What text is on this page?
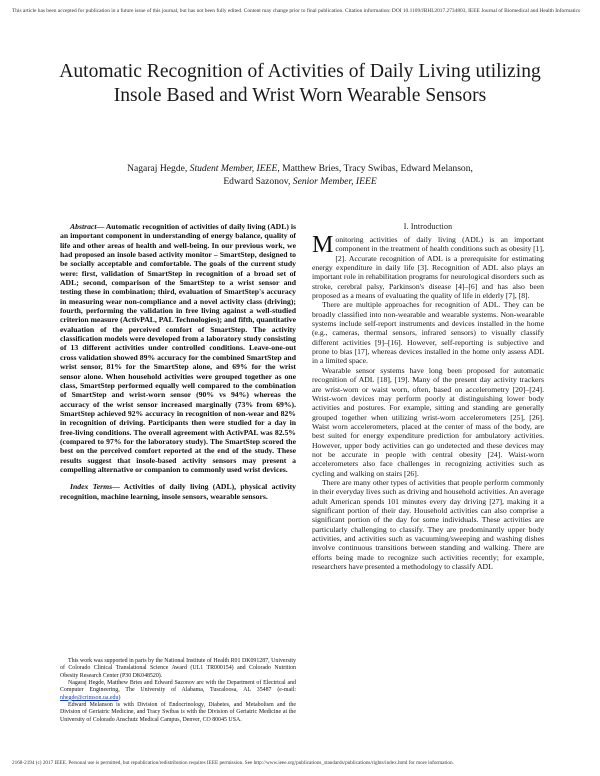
This article has been accepted for publication in a future issue of this journal, but has not been fully edited. Content may change prior to final publication. Citation information: DOI 10.1109/JBHI.2017.2734803, IEEE Journal of Biomedical and Health Informatics
Automatic Recognition of Activities of Daily Living utilizing Insole Based and Wrist Worn Wearable Sensors
Nagaraj Hegde, Student Member, IEEE, Matthew Bries, Tracy Swibas, Edward Melanson,
Edward Sazonov, Senior Member, IEEE

Abstract— Automatic recognition of activities of daily living (ADL) is an important component in understanding of energy balance, quality of life and other areas of health and well-being. In our previous work, we had proposed an insole based activity monitor – SmartStep, designed to be socially acceptable and comfortable. The goals of the current study were: first, validation of SmartStep in recognition of a broad set of ADL; second, comparison of the SmartStep to a wrist sensor and testing these in combination; third, evaluation of SmartStep's accuracy in measuring wear non-compliance and a novel activity class (driving); fourth, performing the validation in free living against a well-studied criterion measure (ActivPAL, PAL Technologies); and fifth, quantitative evaluation of the perceived comfort of SmartStep. The activity classification models were developed from a laboratory study consisting of 13 different activities under controlled conditions. Leave-one-out cross validation showed 89% accuracy for the combined SmartStep and wrist sensor, 81% for the SmartStep alone, and 69% for the wrist sensor alone. When household activities were grouped together as one class, SmartStep performed equally well compared to the combination of SmartStep and wrist-worn sensor (90% vs 94%) whereas the accuracy of the wrist sensor increased marginally (73% from 69%). SmartStep achieved 92% accuracy in recognition of non-wear and 82% in recognition of driving. Participants then were studied for a day in free-living conditions. The overall agreement with ActivPAL was 82.5% (compared to 97% for the laboratory study). The SmartStep scored the best on the perceived comfort reported at the end of the study. These results suggest that insole-based activity sensors may present a compelling alternative or companion to commonly used wrist devices.

Index Terms— Activities of daily living (ADL), physical activity recognition, machine learning, insole sensors, wearable sensors.

This work was supported in parts by the National Institute of Health R01 DK091287, University of Colorado Clinical Translational Science Award (UL1 TR000154) and Colorado Nutrition Obesity Research Center (P30 DK048520).

Nagaraj Hegde, Matthew Bries and Edward Sazonov are with the Department of Electrical and Computer Engineering, The University of Alabama, Tuscaloosa, AL 35487 (e-mail: nhegde@crimson.ua.edu)

Edward Melanson is with Division of Endocrinology, Diabetes, and Metabolism and the Division of Geriatric Medicine, and Tracy Swibas is with the Division of Geriatric Medicine at the University of Colorado Anschutz Medical Campus, Denver, CO 80045 USA.

I. Introduction

Monitoring activities of daily living (ADL) is an important component in the treatment of health conditions such as obesity [1], [2]. Accurate recognition of ADL is a prerequisite for estimating energy expenditure in daily life [3]. Recognition of ADL also plays an important role in rehabilitation programs for neurological disorders such as stroke, cerebral palsy, Parkinson's disease [4]–[6] and has also been proposed as a means of evaluating the quality of life in elderly [7], [8].

There are multiple approaches for recognition of ADL. They can be broadly classified into non-wearable and wearable systems. Non-wearable systems include self-report instruments and devices installed in the home (e.g., cameras, thermal sensors, infrared sensors) to visually classify different activities [9]–[16]. However, self-reporting is subjective and prone to bias [17], whereas devices installed in the home only assess ADL in a limited space.

Wearable sensor systems have long been proposed for automatic recognition of ADL [18], [19]. Many of the present day activity trackers are wrist-worn or waist worn, often, based on accelerometry [20]–[24]. Wrist-worn devices may perform poorly at distinguishing lower body activities and postures. For example, sitting and standing are generally grouped together when utilizing wrist-worn accelerometers [25], [26]. Waist worn accelerometers, placed at the center of mass of the body, are best suited for energy expenditure prediction for ambulatory activities. However, upper body activities can go undetected and these devices may not be accurate in people with central obesity [24]. Waist-worn accelerometers also face challenges in recognizing activities such as cycling and walking on stairs [26].

There are many other types of activities that people perform commonly in their everyday lives such as driving and household activities. An average adult American spends 101 minutes every day driving [27], making it a significant portion of their day. Household activities can also comprise a significant portion of the day for some individuals. These activities are particularly challenging to classify. They are predominantly upper body activities, and activities such as vacuuming/sweeping and washing dishes involve continuous transitions between standing and walking. There are efforts being made to recognize such activities recently; for example, researchers have presented a methodology to classify ADL

2168-2194 (c) 2017 IEEE. Personal use is permitted, but republication/redistribution requires IEEE permission. See http://www.ieee.org/publications_standards/publications/rights/index.html for more information.
